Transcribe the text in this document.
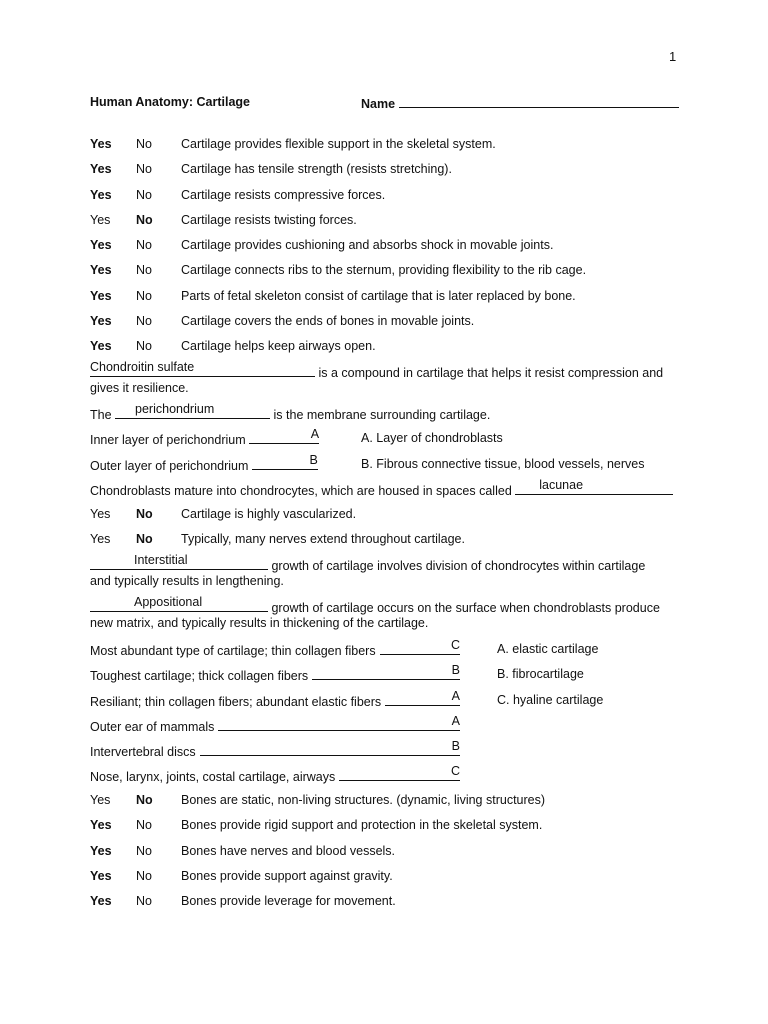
1
Human Anatomy: Cartilage	Name
Yes No Cartilage provides flexible support in the skeletal system.
Yes No Cartilage has tensile strength (resists stretching).
Yes No Cartilage resists compressive forces.
Yes No Cartilage resists twisting forces.
Yes No Cartilage provides cushioning and absorbs shock in movable joints.
Yes No Cartilage connects ribs to the sternum, providing flexibility to the rib cage.
Yes No Parts of fetal skeleton consist of cartilage that is later replaced by bone.
Yes No Cartilage covers the ends of bones in movable joints.
Yes No Cartilage helps keep airways open.
Chondroitin sulfate	is a compound in cartilage that helps it resist compression and
gives it resilience.
The perichondrium	is the membrane surrounding cartilage.
Inner layer of perichondrium	A	A. Layer of chondroblasts
Outer layer of perichondrium	B	B. Fibrous connective tissue, blood vessels, nerves
Chondroblasts mature into chondrocytes, which are housed in spaces called lacunae
Yes No Cartilage is highly vascularized.
Yes No Typically, many nerves extend throughout cartilage.
Interstitial	growth of cartilage involves division of chondrocytes within cartilage
and typically results in lengthening.
Appositional	growth of cartilage occurs on the surface when chondroblasts produce
new matrix, and typically results in thickening of the cartilage.
Most abundant type of cartilage; thin collagen fibers	C	A. elastic cartilage
Toughest cartilage; thick collagen fibers	B	B. fibrocartilage
Resiliant; thin collagen fibers; abundant elastic fibers	A	C. hyaline cartilage
Outer ear of mammals	A
Intervertebral discs	B
Nose, larynx, joints, costal cartilage, airways	C
Yes No Bones are static, non-living structures. (dynamic, living structures)
Yes No Bones provide rigid support and protection in the skeletal system.
Yes No Bones have nerves and blood vessels.
Yes No Bones provide support against gravity.
Yes No Bones provide leverage for movement.
